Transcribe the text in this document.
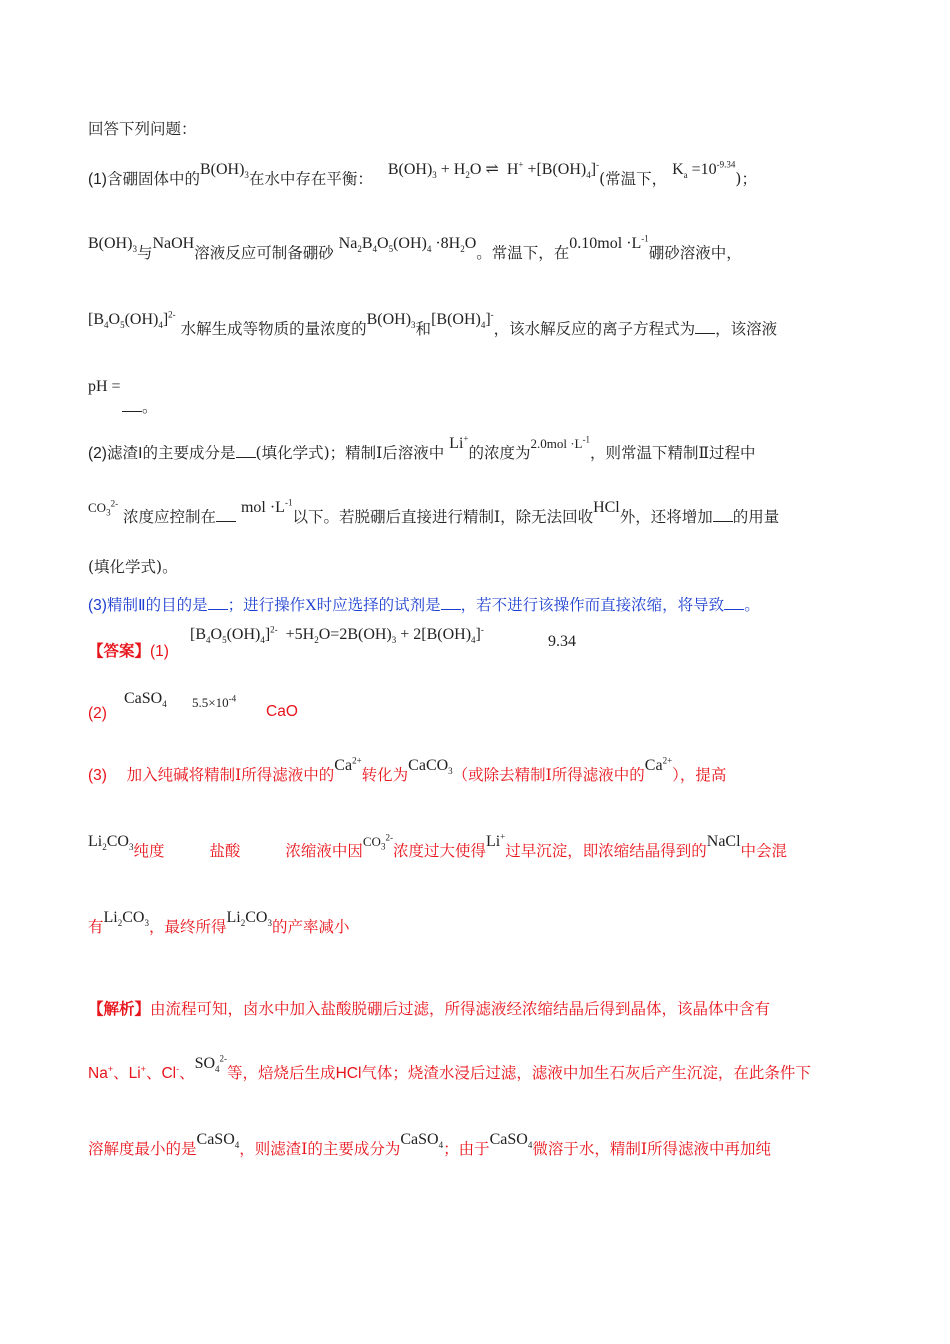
回答下列问题：
(1)含硼固体中的$B(OH)_3$在水中存在平衡： $B(OH)_3 + H_2O$ ⇌  $H^+ +[B(OH)_4]^-$(常温下， $K_a =10^{-9.34}$)；
$B(OH)_3$与NaOH溶液反应可制备硼砂 $Na_2B_4O_5(OH)_4 \cdot 8H_2O$。常温下，在$0.10mol \cdot L^{-1}$硼砂溶液中，
$[B_4O_5(OH)_4]^{2-}$ 水解生成等物质的量浓度的$B(OH)_3$和$[B(OH)_4]^-$，该水解反应的离子方程式为 ，该溶液
pH =
。
(2)滤渣Ⅰ的主要成分是 (填化学式)；精制Ⅰ后溶液中 Li+的浓度为$^{2.0mol \cdot L^{-1}}$，则常温下精制Ⅱ过程中
$^{CO_3^{2-}}$ 浓度应控制在 mol $\cdot L^{-1}$以下。若脱硼后直接进行精制Ⅰ，除无法回收HCl外，还将增加 的用量
(填化学式)。
(3)精制Ⅱ的目的是 ；进行操作X时应选择的试剂是 ，若不进行该操作而直接浓缩，将导致 。
【答案】(1)
$[B_4O_5(OH)_4]^{2-} +5H_2O=2B(OH)_3 + 2[B(OH)_4]^-$
9.34
(2)
CaSO$_4$ $5.5\times 10^{-4}$
CaO
(3) 加入纯碱将精制Ⅰ所得滤液中的$Ca^{2+}$转化为CaCO$_3$（或除去精制Ⅰ所得滤液中的$Ca^{2+}$），提高
$Li_2CO_3$纯度	盐酸	浓缩液中因$^{CO_3^{2-}}$浓度过大使得Li+过早沉淀，即浓缩结晶得到的NaCl中会混
有$Li_2CO_3$，最终所得$Li_2CO_3$的产率减小
【解析】由流程可知，卤水中加入盐酸脱硼后过滤，所得滤液经浓缩结晶后得到晶体，该晶体中含有
Na+、Li+、Cl-、$SO_4^{2-}$等，焙烧后生成HCl气体；烧渣水浸后过滤，滤液中加生石灰后产生沉淀，在此条件下
溶解度最小的是CaSO$_4$，则滤渣Ⅰ的主要成分为CaSO$_4$；由于CaSO$_4$微溶于水，精制Ⅰ所得滤液中再加纯
